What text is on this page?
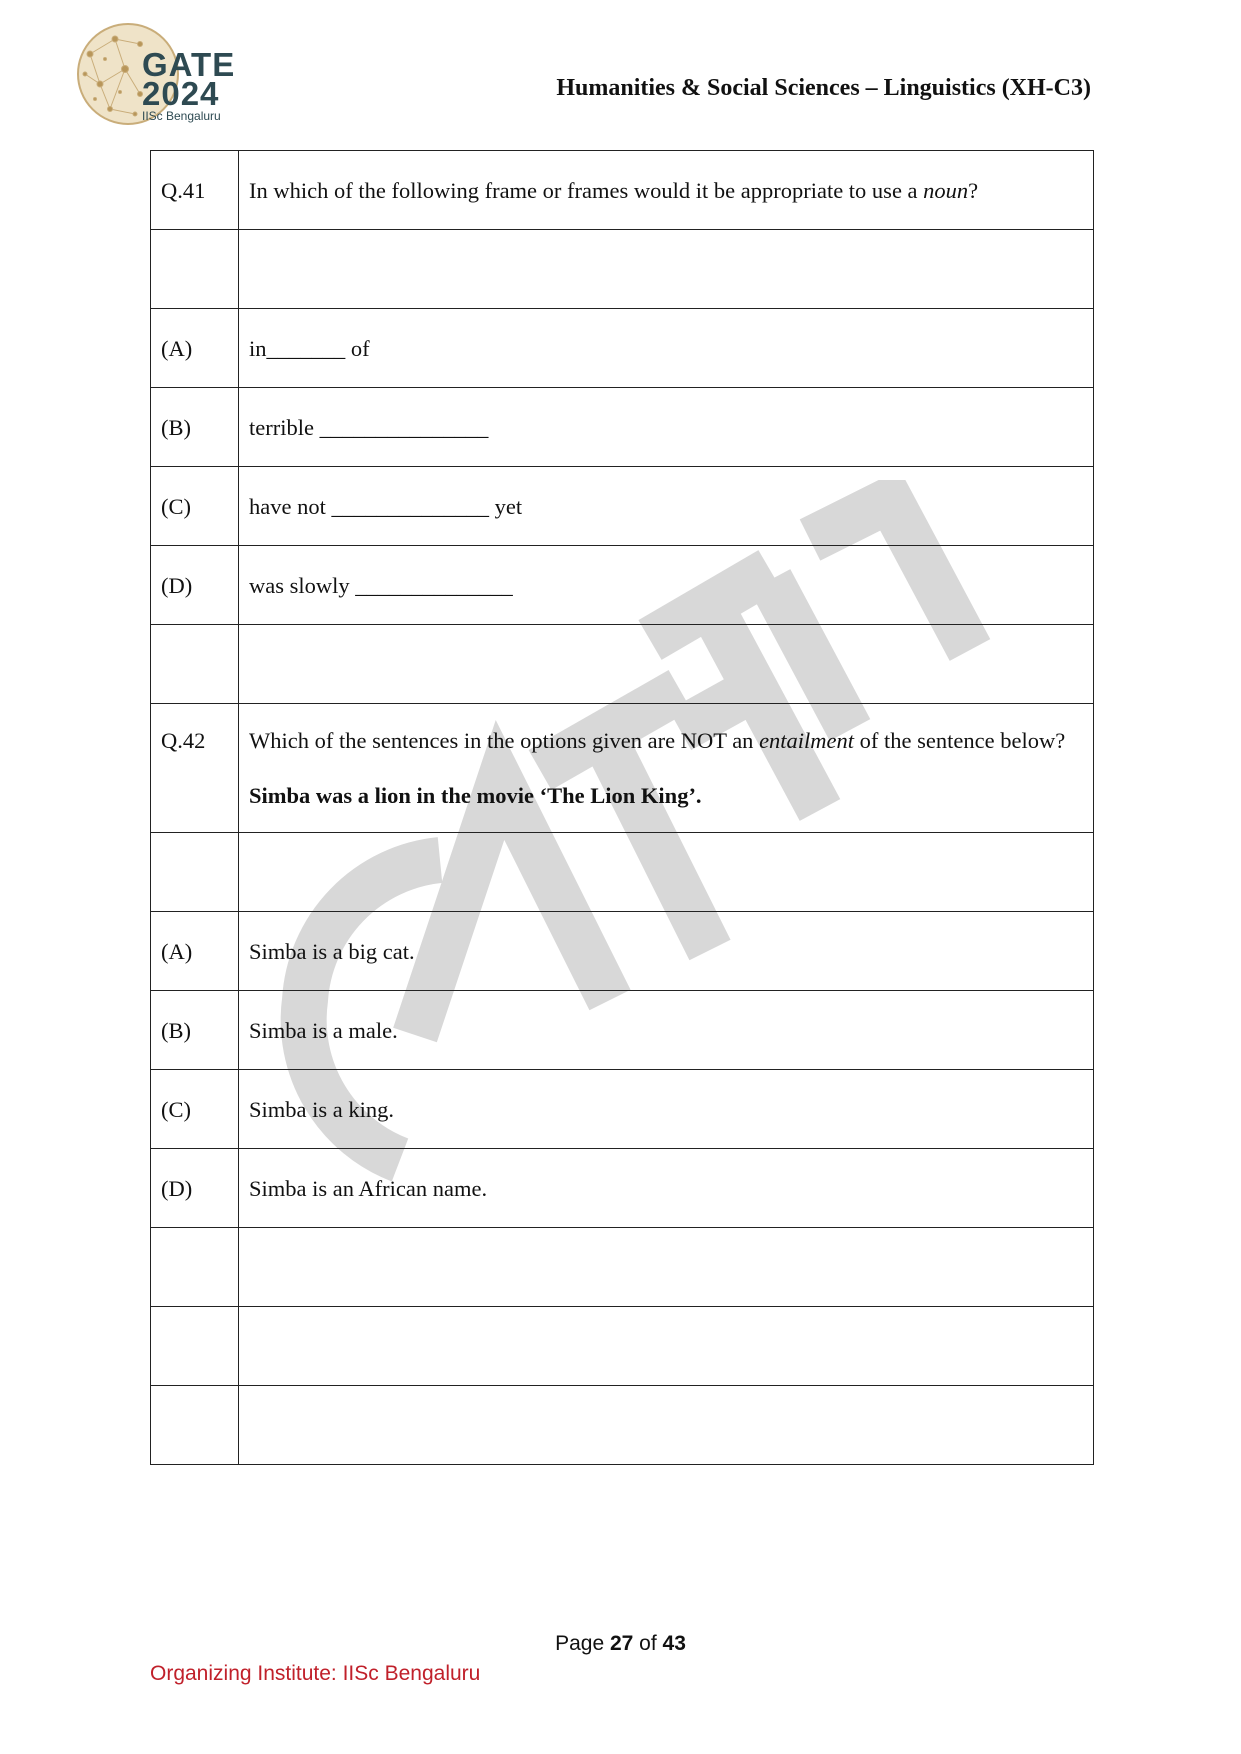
GATE
2024
IISc Bengaluru
Humanities & Social Sciences – Linguistics (XH-C3)
Q.41	In which of the following frame or frames would it be appropriate to use a noun?

(A)	in_______ of
(B)	terrible _______________
(C)	have not ______________ yet
(D)	was slowly ______________

Q.42	Which of the sentences in the options given are NOT an entailment of the sentence below?
Simba was a lion in the movie ‘The Lion King’.

(A)	Simba is a big cat.
(B)	Simba is a male.
(C)	Simba is a king.
(D)	Simba is an African name.

Page 27 of 43
Organizing Institute: IISc Bengaluru
